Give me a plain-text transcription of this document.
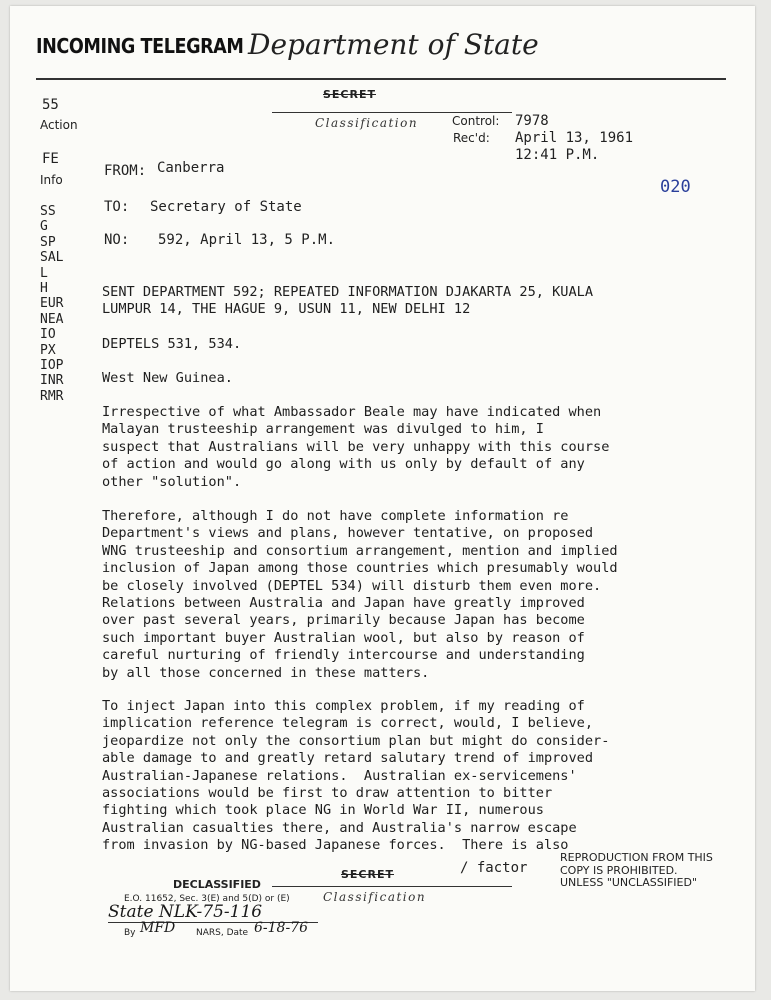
INCOMING TELEGRAM Department of State
SECRET
Classification	Control: 7978
Rec'd: April 13, 1961
12:41 P.M.
020
55
Action
FE
Info
SS
G
SP
SAL
L
H
EUR
NEA
IO
PX
IOP
INR
RMR
FROM: Canberra
TO: Secretary of State
NO: 592, April 13, 5 P.M.
SENT DEPARTMENT 592; REPEATED INFORMATION DJAKARTA 25, KUALA
LUMPUR 14, THE HAGUE 9, USUN 11, NEW DELHI 12
DEPTELS 531, 534.
West New Guinea.
Irrespective of what Ambassador Beale may have indicated when
Malayan trusteeship arrangement was divulged to him, I
suspect that Australians will be very unhappy with this course
of action and would go along with us only by default of any
other "solution".
Therefore, although I do not have complete information re
Department's views and plans, however tentative, on proposed
WNG trusteeship and consortium arrangement, mention and implied
inclusion of Japan among those countries which presumably would
be closely involved (DEPTEL 534) will disturb them even more.
Relations between Australia and Japan have greatly improved
over past several years, primarily because Japan has become
such important buyer Australian wool, but also by reason of
careful nurturing of friendly intercourse and understanding
by all those concerned in these matters.
To inject Japan into this complex problem, if my reading of
implication reference telegram is correct, would, I believe,
jeopardize not only the consortium plan but might do consider-
able damage to and greatly retard salutary trend of improved
Australian-Japanese relations.  Australian ex-servicemens'
associations would be first to draw attention to bitter
fighting which took place NG in World War II, numerous
Australian casualties there, and Australia's narrow escape
from invasion by NG-based Japanese forces.  There is also
/ factor
REPRODUCTION FROM THIS
COPY IS PROHIBITED.
UNLESS "UNCLASSIFIED"
SECRET
Classification
DECLASSIFIED
E.O. 11652, Sec. 3(E) and 5(D) or (E)
State NLK-75-116
By MFD NARS, Date 6-18-76
